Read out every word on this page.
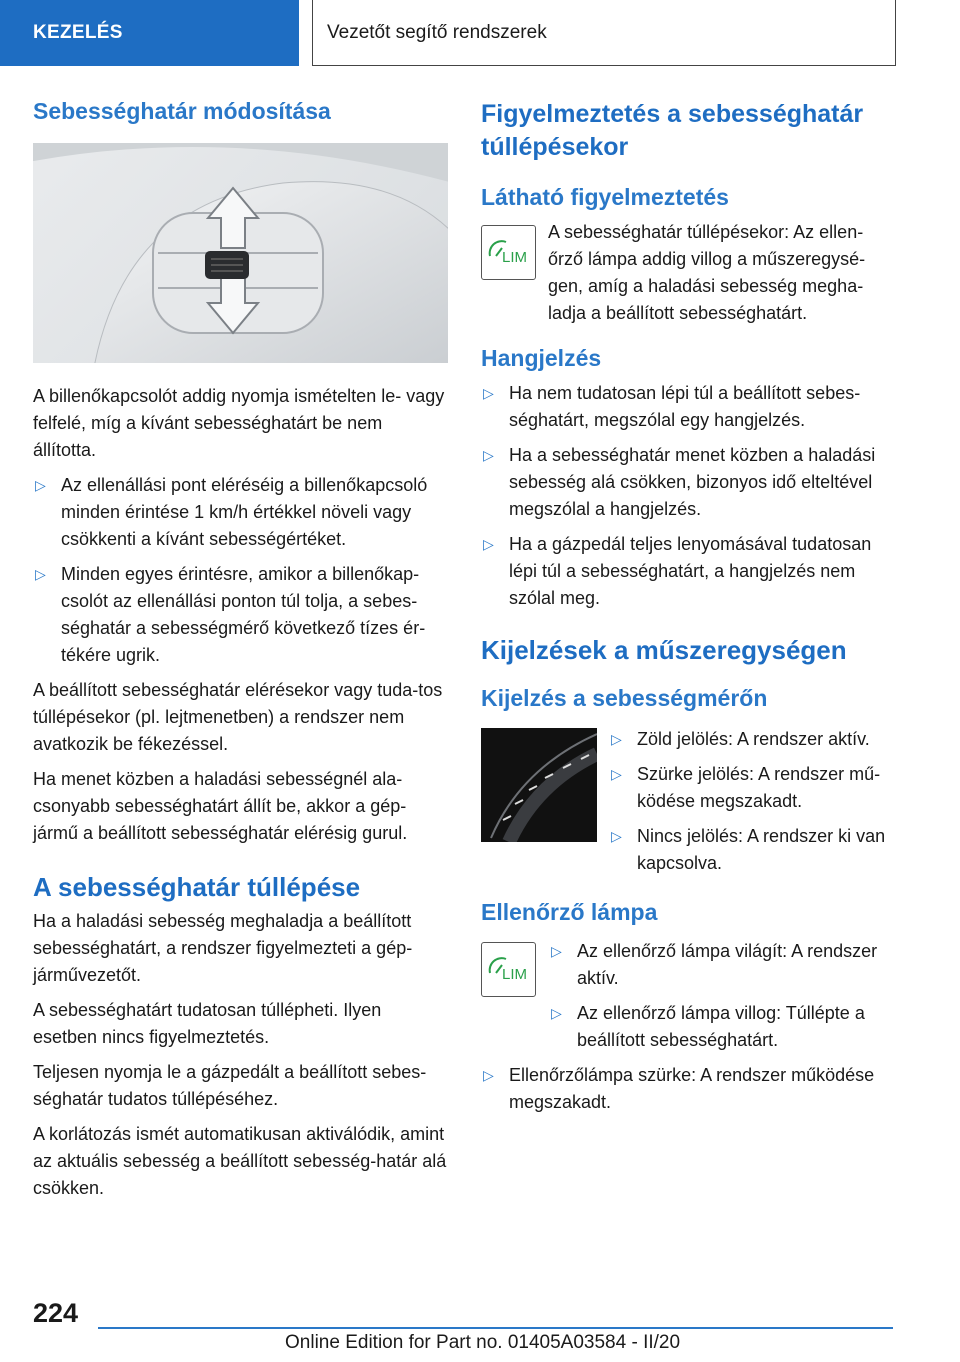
KEZELÉS	Vezetőt segítő rendszerek
Sebességhatár módosítása

A billenőkapcsolót addig nyomja ismételten le- vagy felfelé, míg a kívánt sebességhatárt be nem állította.

▷ Az ellenállási pont eléréséig a billenőkapcsoló minden érintése 1 km/h értékkel növeli vagy csökkenti a kívánt sebességértéket.
▷ Minden egyes érintésre, amikor a billenőkap-csolót az ellenállási ponton túl tolja, a sebes-séghatár a sebességmérő következő tízes ér-tékére ugrik.

A beállított sebességhatár elérésekor vagy tuda-tos túllépésekor (pl. lejtmenetben) a rendszer nem avatkozik be fékezéssel.

Ha menet közben a haladási sebességnél ala-csonyabb sebességhatárt állít be, akkor a gép-jármű a beállított sebességhatár elérésig gurul.

A sebességhatár túllépése

Ha a haladási sebesség meghaladja a beállított sebességhatárt, a rendszer figyelmezteti a gép-járművezetőt.

A sebességhatárt tudatosan túllépheti. Ilyen esetben nincs figyelmeztetés.

Teljesen nyomja le a gázpedált a beállított sebes-séghatár tudatos túllépéséhez.

A korlátozás ismét automatikusan aktiválódik, amint az aktuális sebesség a beállított sebesség-határ alá csökken.

Figyelmeztetés a sebességhatár túllépésekor
Látható figyelmeztetés
LIM

A sebességhatár túllépésekor: Az ellen-őrző lámpa addig villog a műszeregysé-gen, amíg a haladási sebesség megha-ladja a beállított sebességhatárt.

Hangjelzés
▷ Ha nem tudatosan lépi túl a beállított sebes-séghatárt, megszólal egy hangjelzés.
▷ Ha a sebességhatár menet közben a haladási sebesség alá csökken, bizonyos idő elteltével megszólal a hangjelzés.
▷ Ha a gázpedál teljes lenyomásával tudatosan lépi túl a sebességhatárt, a hangjelzés nem szólal meg.
Kijelzések a műszeregységen
Kijelzés a sebességmérőn
▷ Zöld jelölés: A rendszer aktív.
▷ Szürke jelölés: A rendszer mű-ködése megszakadt.
▷ Nincs jelölés: A rendszer ki van kapcsolva.
Ellenőrző lámpa
LIM
▷ Az ellenőrző lámpa világít: A rendszer aktív.
▷ Az ellenőrző lámpa villog: Túllépte a beállított sebességhatárt.
▷ Ellenőrzőlámpa szürke: A rendszer működése megszakadt.
224
Online Edition for Part no. 01405A03584 - II/20
